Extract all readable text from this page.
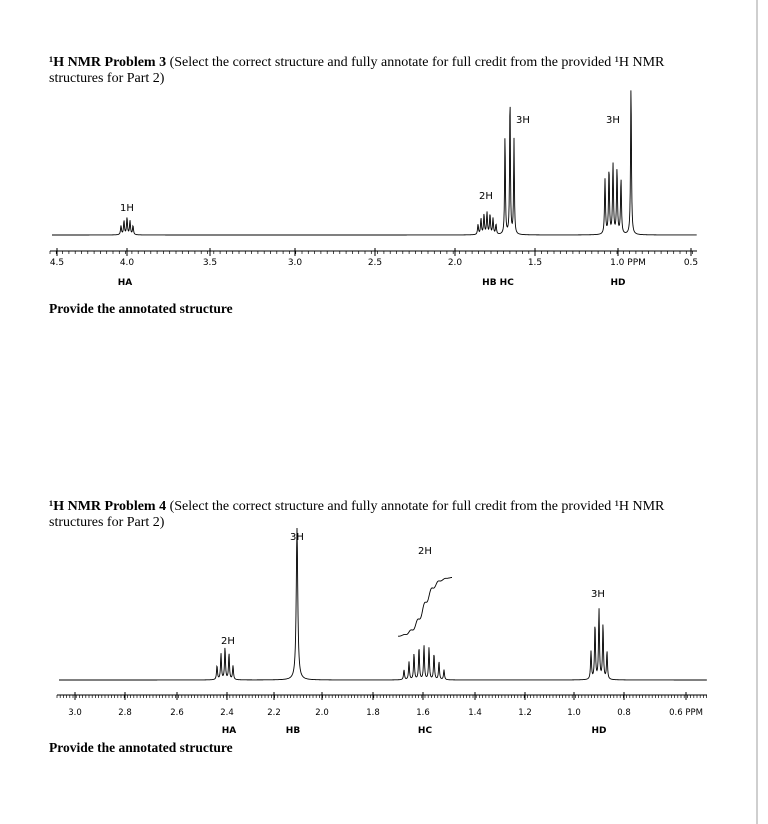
¹H NMR Problem 3 (Select the correct structure and fully annotate for full credit from the provided ¹H NMR structures for Part 2)
4.5	4.0	3.5	3.0	2.5	2.0	1.5	1.0 PPM	0.5
1H
2H
3H	3H
HA	HB HC	HD
Provide the annotated structure
¹H NMR Problem 4 (Select the correct structure and fully annotate for full credit from the provided ¹H NMR structures for Part 2)
3.0	2.8	2.6	2.4	2.2	2.0	1.8	1.6	1.4	1.2	1.0	0.8	0.6 PPM
3H
2H
2H
3H
HA	HB	HC	HD
Provide the annotated structure
